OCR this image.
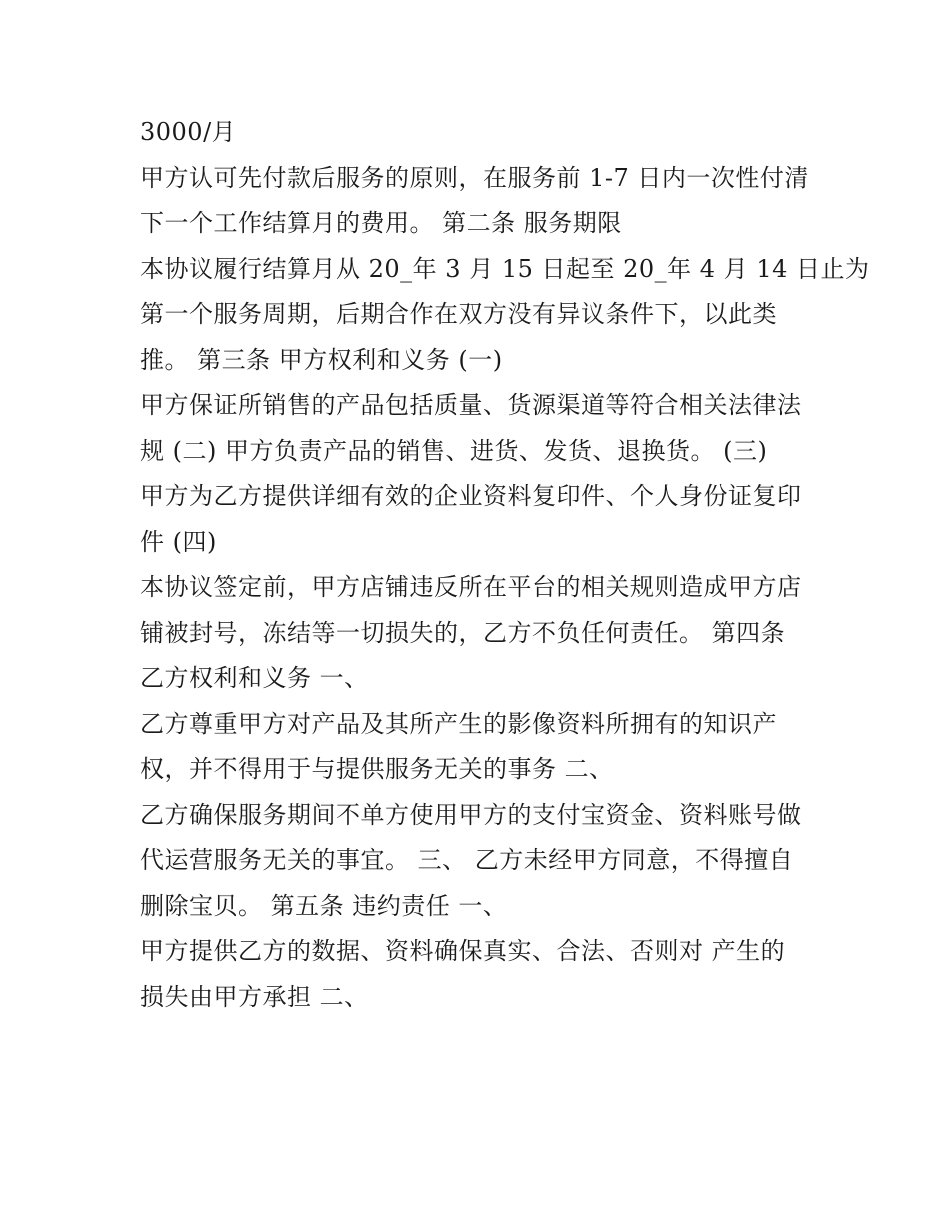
3000/月
甲方认可先付款后服务的原则，在服务前 1-7 日内一次性付清
下一个工作结算月的费用。 第二条 服务期限
本协议履行结算月从 20_年 3 月 15 日起至 20_年 4 月 14 日止为
第一个服务周期，后期合作在双方没有异议条件下，以此类
推。 第三条 甲方权利和义务 (一)
甲方保证所销售的产品包括质量、货源渠道等符合相关法律法
规 (二) 甲方负责产品的销售、进货、发货、退换货。 (三)
甲方为乙方提供详细有效的企业资料复印件、个人身份证复印
件 (四)
本协议签定前，甲方店铺违反所在平台的相关规则造成甲方店
铺被封号，冻结等一切损失的，乙方不负任何责任。 第四条
乙方权利和义务 一、
乙方尊重甲方对产品及其所产生的影像资料所拥有的知识产
权，并不得用于与提供服务无关的事务 二、
乙方确保服务期间不单方使用甲方的支付宝资金、资料账号做
代运营服务无关的事宜。 三、 乙方未经甲方同意，不得擅自
删除宝贝。 第五条 违约责任 一、
甲方提供乙方的数据、资料确保真实、合法、否则对 产生的
损失由甲方承担 二、
